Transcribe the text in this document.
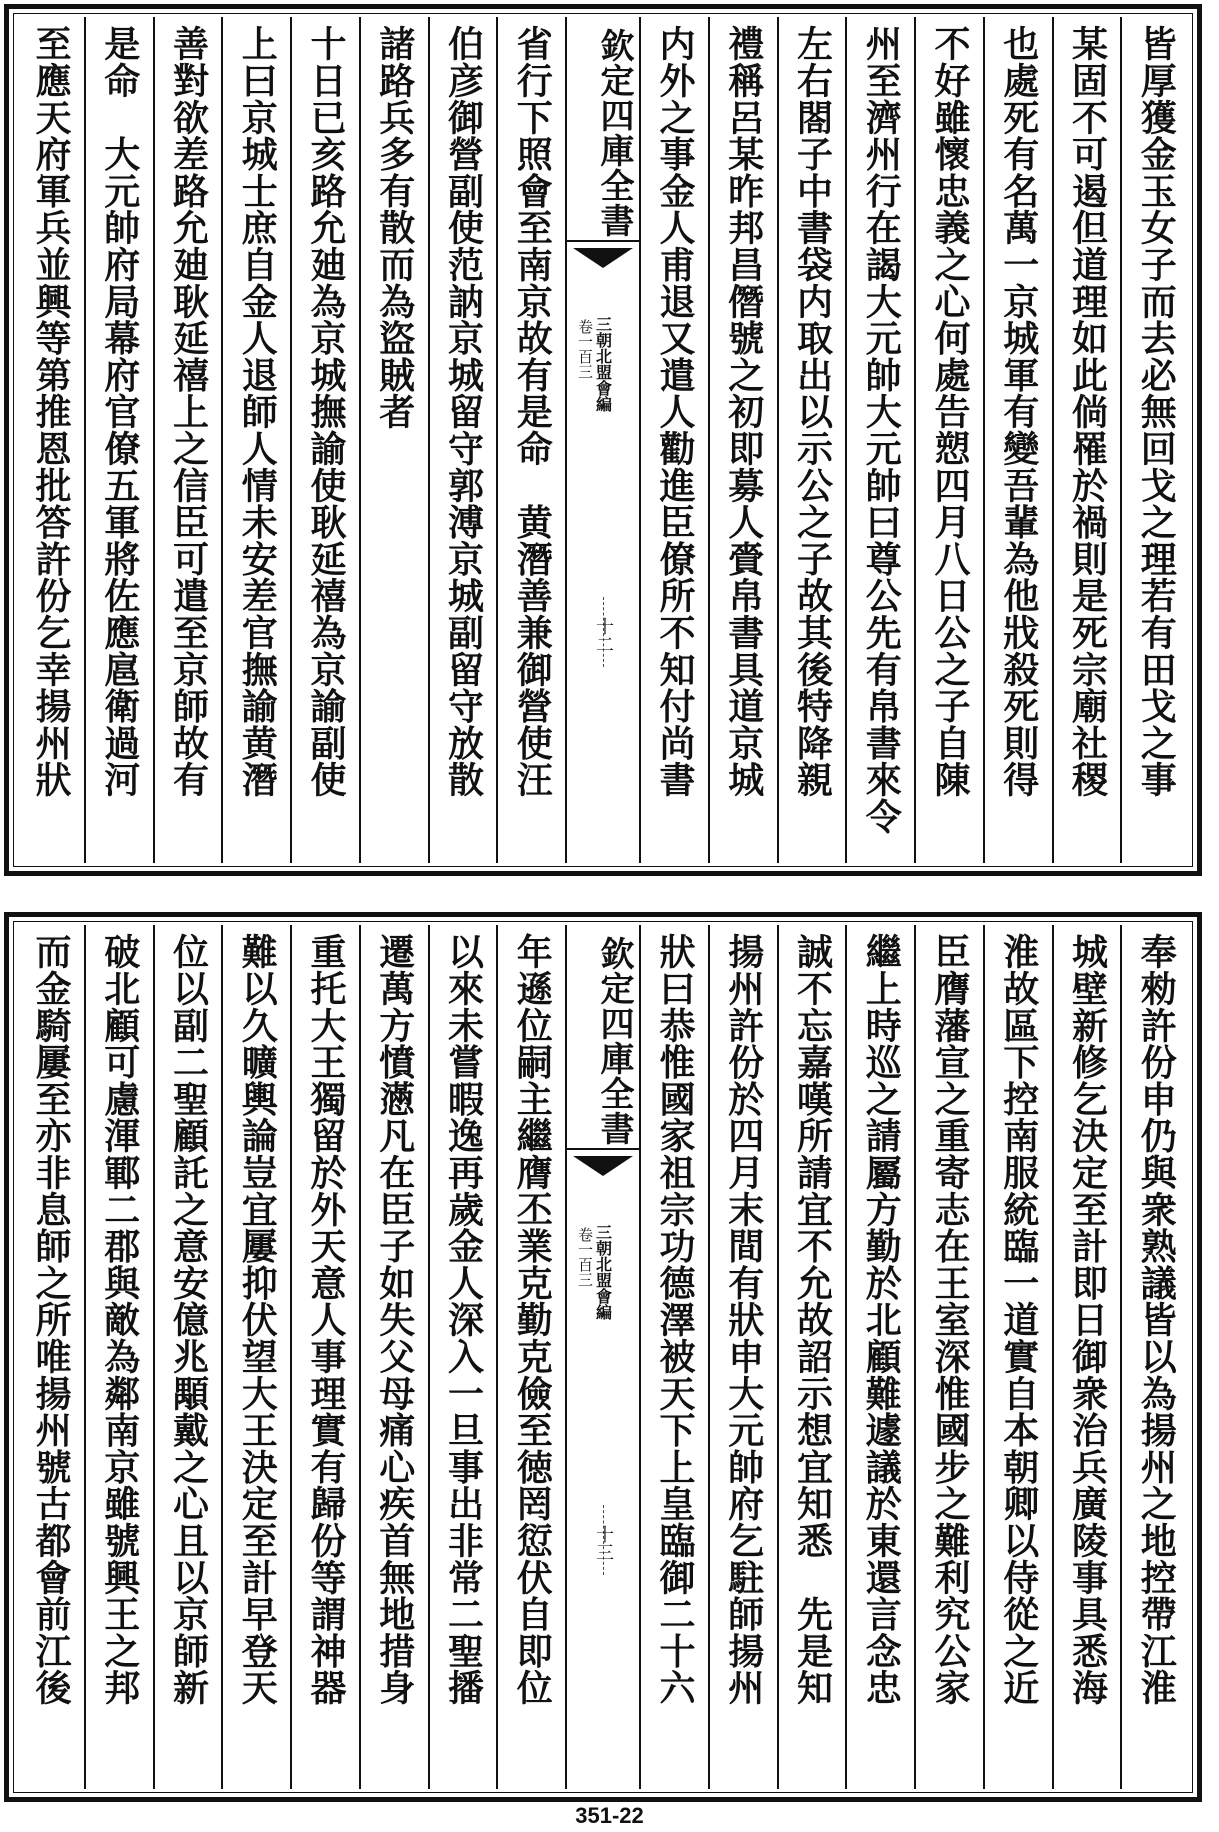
皆厚獲金玉女子而去必無回戈之理若有田戈之事
某固不可遏但道理如此倘罹於禍則是死宗廟社稷
也處死有名萬一京城軍有變吾輩為他戕殺死則得
不好雖懷忠義之心何處告愬四月八日公之子自陳
州至濟州行在謁大元帥大元帥曰尊公先有帛書來令
左右閤子中書袋内取出以示公之子故其後特降親
禮稱呂某昨邦昌僭號之初即募人賫帛書具道京城
内外之事金人甫退又遣人勸進臣僚所不知付尚書
欽定四庫全書
三朝北盟會編
卷一百三
十二
省行下照會至南京故有是命　黄潛善兼御營使汪
伯彦御營副使范訥京城留守郭溥京城副留守放散
諸路兵多有散而為盜賊者
十日已亥路允廸為京城撫諭使耿延禧為京諭副使
上曰京城士庶自金人退師人情未安差官撫諭黄潛
善對欲差路允廸耿延禧上之信臣可遣至京師故有
是命　大元帥府局幕府官僚五軍將佐應扈衛過河
至應天府軍兵並興等第推恩批答許份乞幸揚州狀
奉勑許份申仍與衆熟議皆以為揚州之地控帶江淮
城壁新修乞決定至計即日御衆治兵廣陵事具悉海
淮故區下控南服統臨一道實自本朝卿以侍從之近
臣膺藩宣之重寄志在王室深惟國步之難利究公家
繼上時巡之請屬方勤於北顧難遽議於東還言念忠
誠不忘嘉嘆所請宜不允故詔示想宜知悉　先是知
揚州許份於四月末間有狀申大元帥府乞駐師揚州
狀曰恭惟國家祖宗功德澤被天下上皇臨御二十六
欽定四庫全書
三朝北盟會編
卷一百三
十三
年遜位嗣主繼膺丕業克勤克儉至徳罔愆伏自即位
以來未嘗暇逸再歲金人深入一旦事出非常二聖播
遷萬方憤懣凡在臣子如失父母痛心疾首無地措身
重托大王獨留於外天意人事理實有歸份等謂神器
難以久曠輿論豈宜屢抑伏望大王決定至計早登天
位以副二聖顧託之意安億兆顒戴之心且以京師新
破北顧可慮渾鄆二郡與敵為鄰南京雖號興王之邦
而金騎屢至亦非息師之所唯揚州號古都會前江後
351-22
